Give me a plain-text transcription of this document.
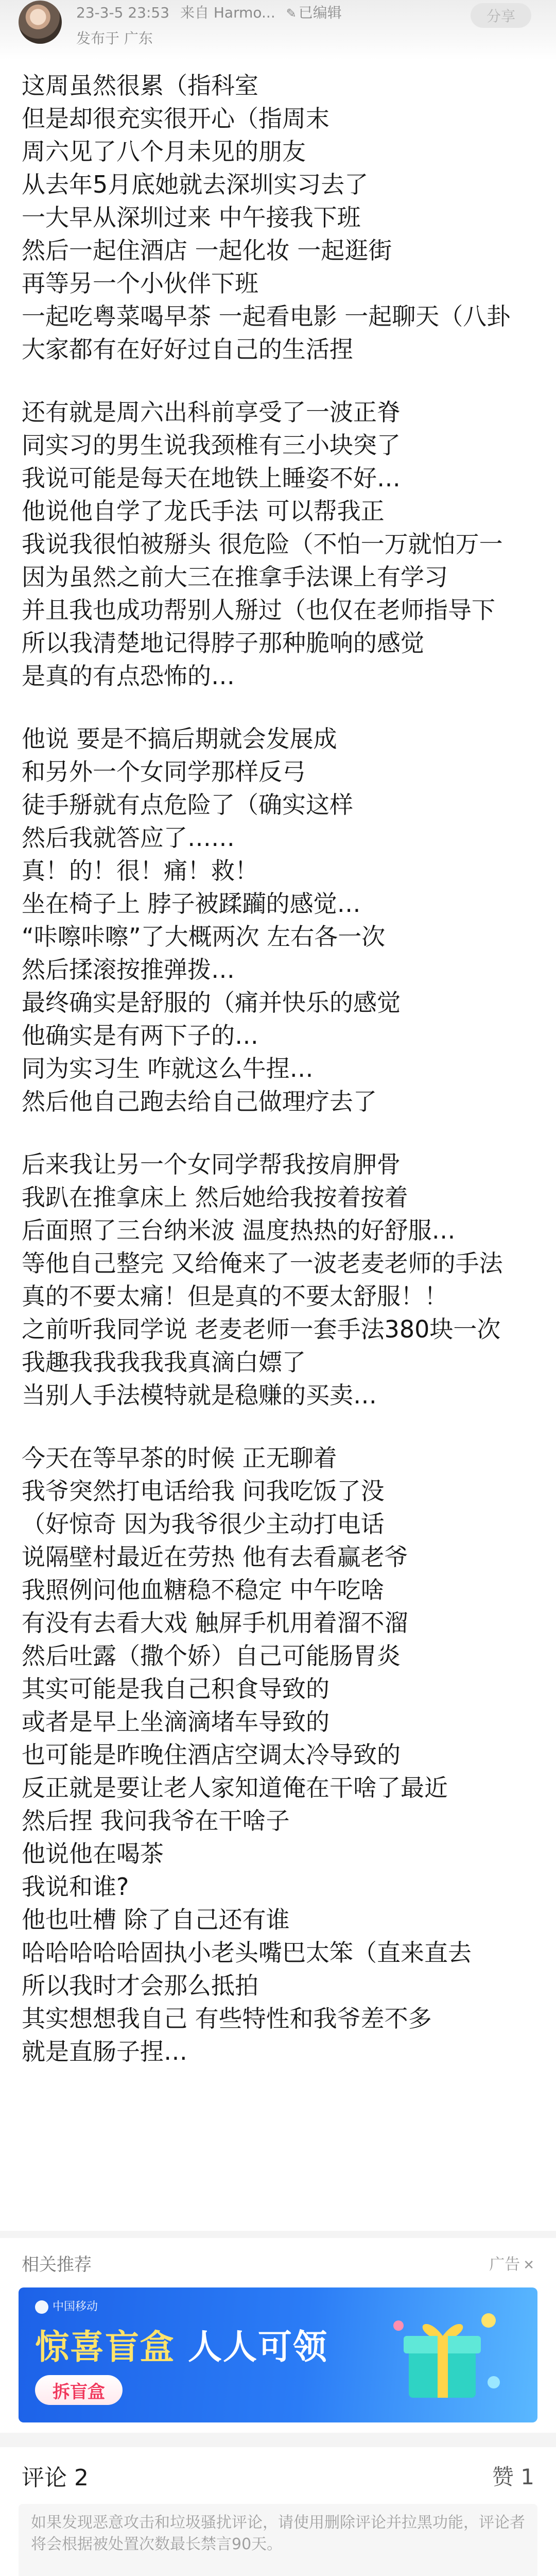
23-3-5 23:53 来自 Harmo... ✎ 已编辑
发布于 广东
分享
这周虽然很累（指科室
但是却很充实很开心（指周末
周六见了八个月未见的朋友
从去年5月底她就去深圳实习去了
一大早从深圳过来 中午接我下班
然后一起住酒店 一起化妆 一起逛街
再等另一个小伙伴下班
一起吃粤菜喝早茶 一起看电影 一起聊天（八卦
大家都有在好好过自己的生活捏
还有就是周六出科前享受了一波正脊
同实习的男生说我颈椎有三小块突了
我说可能是每天在地铁上睡姿不好…
他说他自学了龙氏手法 可以帮我正
我说我很怕被掰头 很危险（不怕一万就怕万一
因为虽然之前大三在推拿手法课上有学习
并且我也成功帮别人掰过（也仅在老师指导下
所以我清楚地记得脖子那种脆响的感觉
是真的有点恐怖的…
他说 要是不搞后期就会发展成
和另外一个女同学那样反弓
徒手掰就有点危险了（确实这样
然后我就答应了……
真！的！很！痛！救！
坐在椅子上 脖子被蹂躏的感觉…
“咔嚓咔嚓”了大概两次 左右各一次
然后揉滚按推弹拨…
最终确实是舒服的（痛并快乐的感觉
他确实是有两下子的…
同为实习生 咋就这么牛捏…
然后他自己跑去给自己做理疗去了
后来我让另一个女同学帮我按肩胛骨
我趴在推拿床上 然后她给我按着按着
后面照了三台纳米波 温度热热的好舒服…
等他自己整完 又给俺来了一波老麦老师的手法
真的不要太痛！但是真的不要太舒服！！
之前听我同学说 老麦老师一套手法380块一次
我趣我我我我我真滴白嫖了
当别人手法模特就是稳赚的买卖…
今天在等早茶的时候 正无聊着
我爷突然打电话给我 问我吃饭了没
（好惊奇 因为我爷很少主动打电话
说隔壁村最近在劳热 他有去看赢老爷
我照例问他血糖稳不稳定 中午吃啥
有没有去看大戏 触屏手机用着溜不溜
然后吐露（撒个娇）自己可能肠胃炎
其实可能是我自己积食导致的
或者是早上坐滴滴堵车导致的
也可能是昨晚住酒店空调太冷导致的
反正就是要让老人家知道俺在干啥了最近
然后捏 我问我爷在干啥子
他说他在喝茶
我说和谁?
他也吐槽 除了自己还有谁
哈哈哈哈哈固执小老头嘴巴太笨（直来直去
所以我时才会那么抵拍
其实想想我自己 有些特性和我爷差不多
就是直肠子捏…
相关推荐	广告 ✕
中国移动
惊喜盲盒 人人可领
拆盲盒
评论 2	赞 1
如果发现恶意攻击和垃圾骚扰评论，请使用删除评论并拉黑功能，评论者将会根据被处置次数最长禁言90天。
